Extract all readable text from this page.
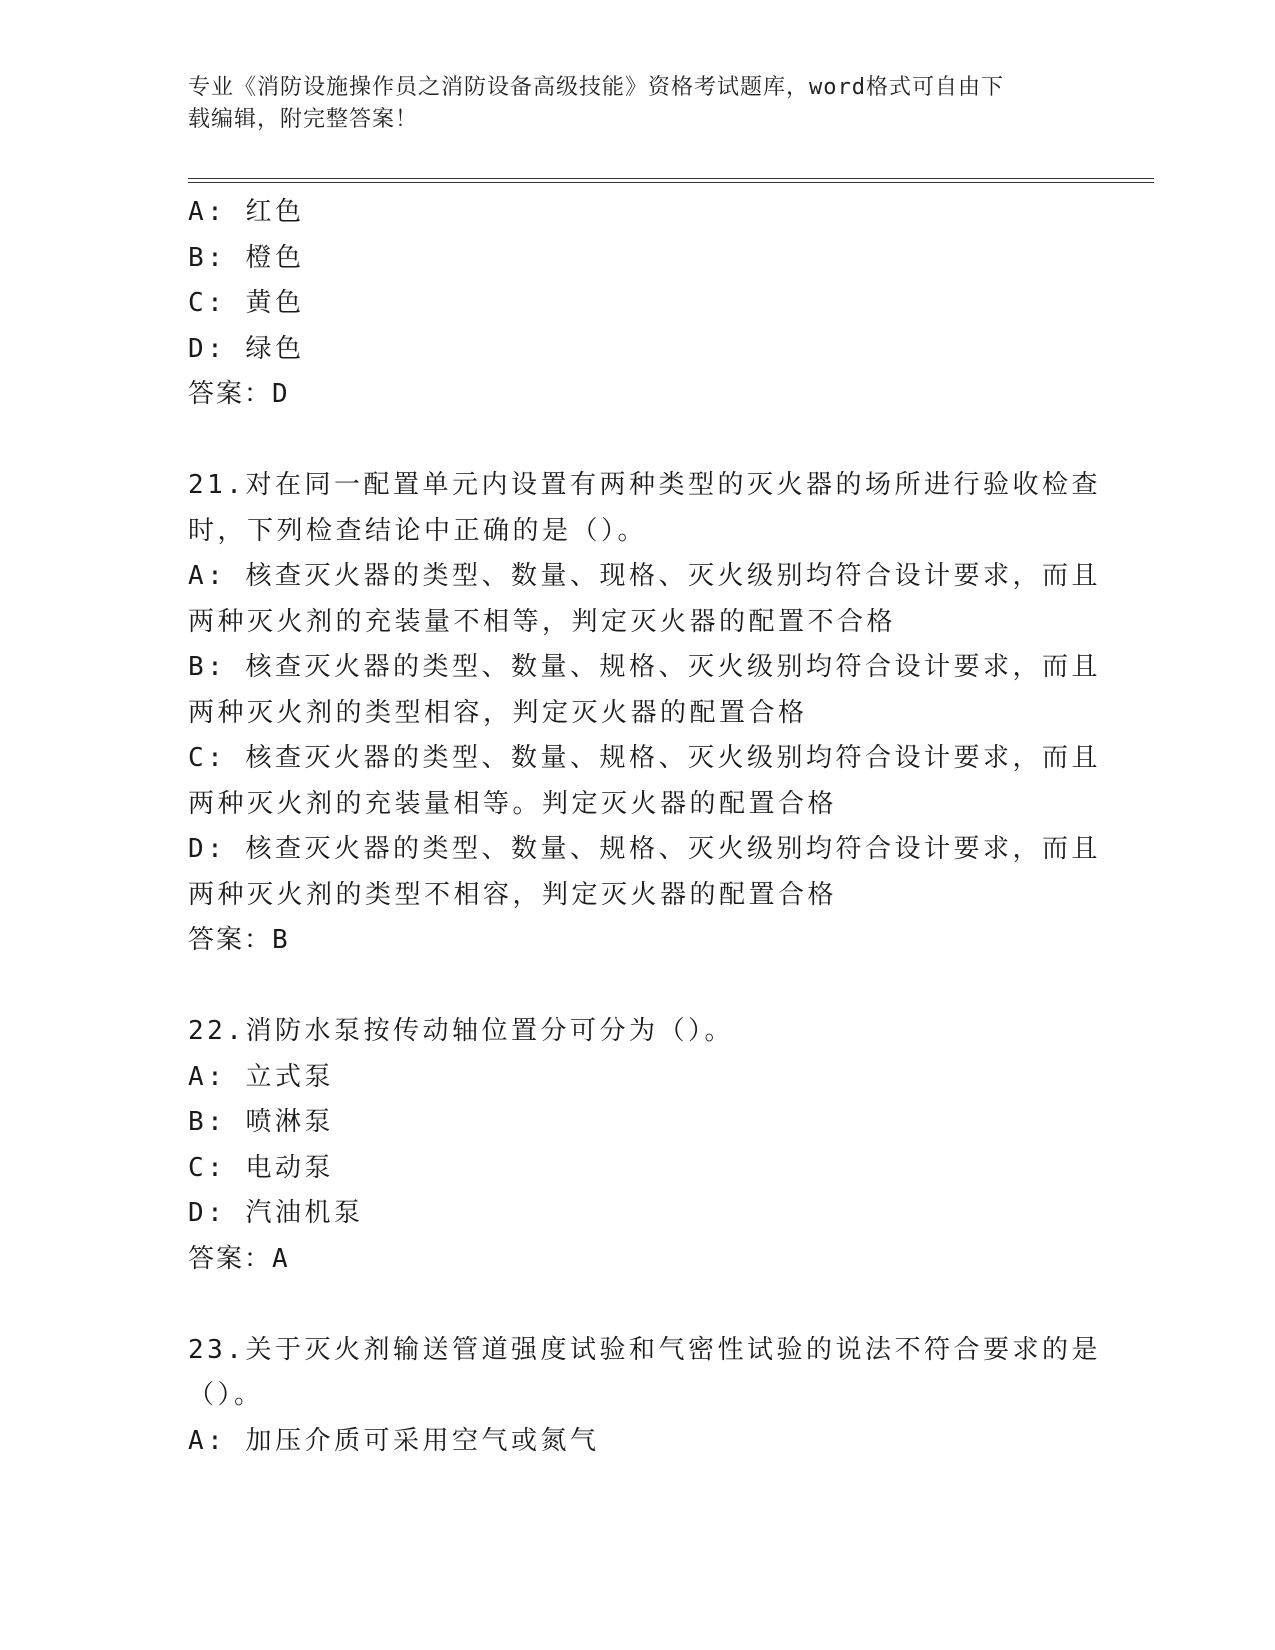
专业《消防设施操作员之消防设备高级技能》资格考试题库，word格式可自由下
载编辑，附完整答案！
A: 红色
B: 橙色
C: 黄色
D: 绿色
答案：D
21.对在同一配置单元内设置有两种类型的灭火器的场所进行验收检查
时，下列检查结论中正确的是（）。
A: 核查灭火器的类型、数量、现格、灭火级别均符合设计要求，而且
两种灭火剂的充装量不相等，判定灭火器的配置不合格
B: 核查灭火器的类型、数量、规格、灭火级别均符合设计要求，而且
两种灭火剂的类型相容，判定灭火器的配置合格
C: 核查灭火器的类型、数量、规格、灭火级别均符合设计要求，而且
两种灭火剂的充装量相等。判定灭火器的配置合格
D: 核查灭火器的类型、数量、规格、灭火级别均符合设计要求，而且
两种灭火剂的类型不相容，判定灭火器的配置合格
答案：B
22.消防水泵按传动轴位置分可分为（）。
A: 立式泵
B: 喷淋泵
C: 电动泵
D: 汽油机泵
答案：A
23.关于灭火剂输送管道强度试验和气密性试验的说法不符合要求的是
（）。
A: 加压介质可采用空气或氮气
